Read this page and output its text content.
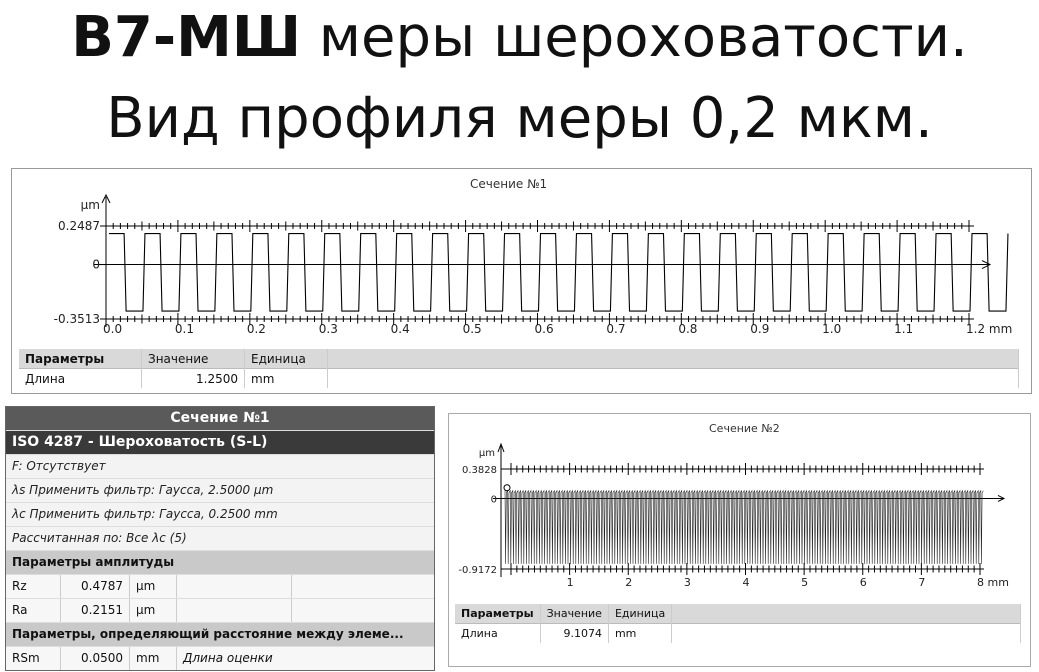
B7-МШ меры шероховатости.
Вид профиля меры 0,2 мкм.
Сечение №1
0.2487
0
-0.3513
µm
0.0	0.1	0.2	0.3	0.4	0.5	0.6	0.7	0.8	0.9	1.0	1.1	1.2 mm
Параметры	Значение	Единица	
Длина	1.2500	mm	
Сечение №1
ISO 4287 - Шероховатость (S-L)
F: Отсутствует
λs Применить фильтр: Гаусса, 2.5000 µm
λc Применить фильтр: Гаусса, 0.2500 mm
Рассчитанная по: Все λc (5)
Параметры амплитуды
Rz	0.4787	µm
Ra	0.2151	µm
Параметры, определяющий расстояние между элеме...
RSm	0.0500	mm	Длина оценки
Сечение №2
0.3828
0
-0.9172
µm
1	2	3	4	5	6	7	8 mm
Параметры	Значение	Единица	
Длина	9.1074	mm	
